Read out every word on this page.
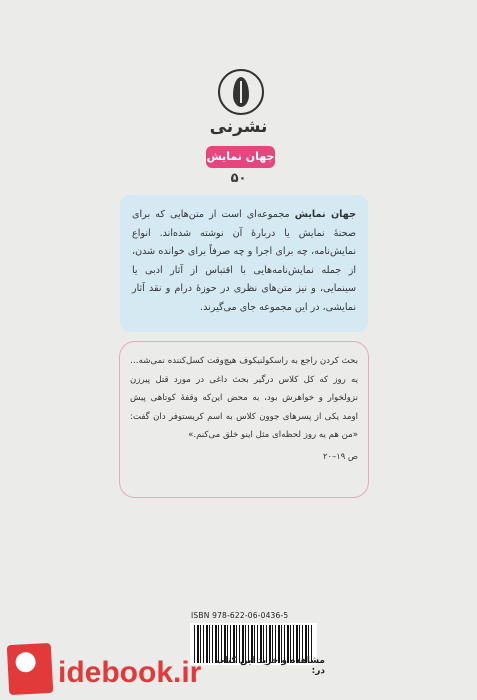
نشرنی
جهان نمایش
۵۰
جهان نمایش مجموعه‌ای است از متن‌هایی که برای صحنهٔ نمایش یا دربارهٔ آن نوشته شده‌اند. انواع نمایش‌نامه، چه برای اجرا و چه صرفاً برای خوانده شدن، از جمله نمایش‌نامه‌هایی با اقتباس از آثار ادبی یا سینمایی، و نیز متن‌های نظری در حوزهٔ درام و نقد آثار نمایشی، در این مجموعه جای می‌گیرند.
بحث کردن راجع به راسکولنیکوف هیچ‌وقت کسل‌کننده نمی‌شه… یه روز که کل کلاس درگیر بحث داغی در مورد قتل پیرزن نزولخوار و خواهرش بود، به محض این‌که وقفهٔ کوتاهی پیش اومد یکی از پسرهای جوون کلاس به اسم کریستوفر دان گفت: «من هم یه روز لحظه‌ای مثل اینو خلق می‌کنم.»
ص ۱۹–۲۰
ISBN 978-622-06-0436-5
idebook.ir	مشاهده و خرید این کتاب در:
